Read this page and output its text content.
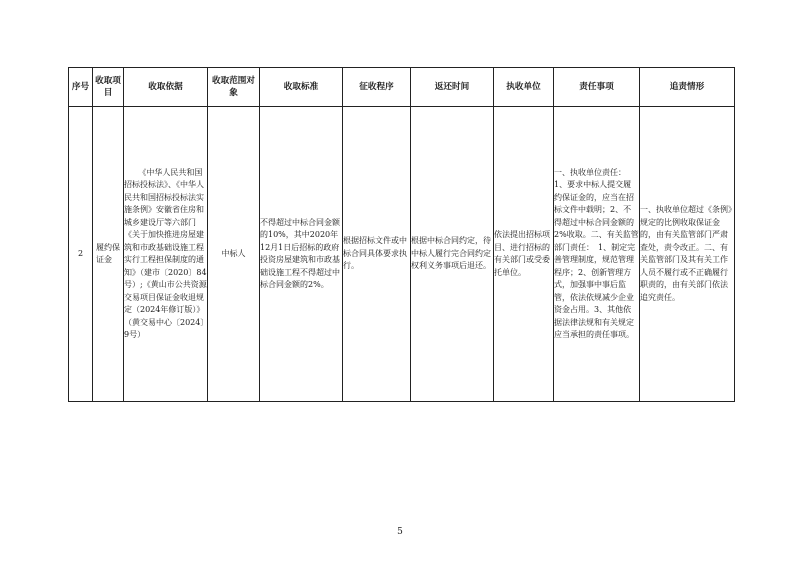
序号	收取项目	收取依据	收取范围对象	收取标准	征收程序	返还时间	执收单位	责任事项	追责情形
2	履约保证金	《中华人民共和国招标投标法》、《中华人民共和国招标投标法实施条例》安徽省住房和城乡建设厅等六部门《关于加快推进房屋建筑和市政基础设施工程实行工程担保制度的通知》（建市〔2020〕84号）;《黄山市公共资源交易项目保证金收退规定（2024年修订版）》（黄交易中心〔2024〕9号）	中标人	不得超过中标合同金额的10%，其中2020年12月1日后招标的政府投资房屋建筑和市政基础设施工程不得超过中标合同金额的2%。	根据招标文件或中标合同具体要求执行。	根据中标合同约定，待中标人履行完合同约定权利义务事项后退还。	依法提出招标项目、进行招标的有关部门或受委托单位。	一、执收单位责任：1、要求中标人提交履约保证金的，应当在招标文件中载明；2、不得超过中标合同金额的2%收取。二、有关监管部门责任：　1、制定完善管理制度，规范管理程序；2、创新管理方式，加强事中事后监管，依法依规减少企业资金占用。3、其他依据法律法规和有关规定应当承担的责任事项。	一、执收单位超过《条例》规定的比例收取保证金的，由有关监管部门严肃查处，责令改正。二、有关监管部门及其有关工作人员不履行或不正确履行职责的，由有关部门依法追究责任。
5
